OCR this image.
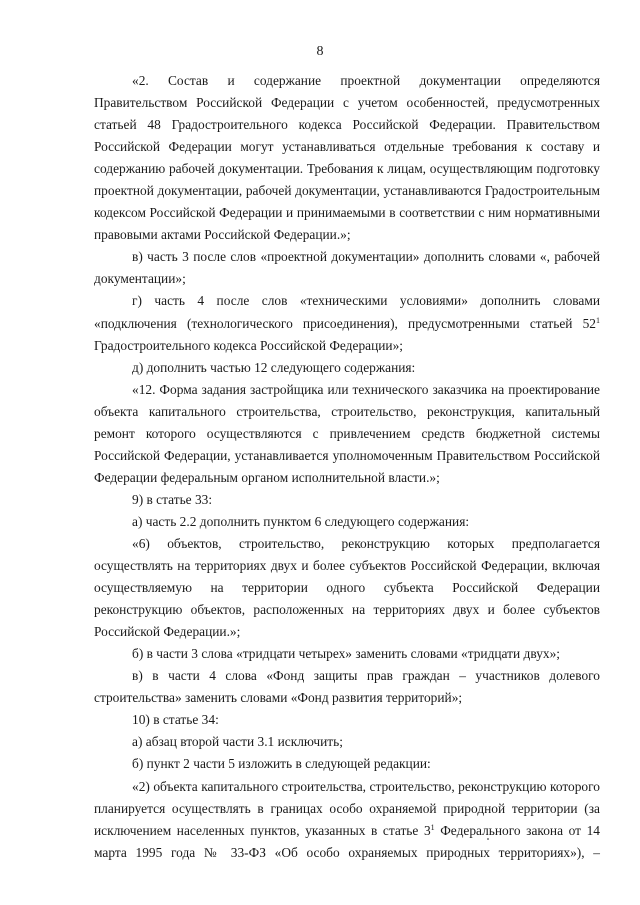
8

«2. Состав и содержание проектной документации определяются Правительством Российской Федерации с учетом особенностей, предусмотренных статьей 48 Градостроительного кодекса Российской Федерации. Правительством Российской Федерации могут устанавливаться отдельные требования к составу и содержанию рабочей документации. Требования к лицам, осуществляющим подготовку проектной документации, рабочей документации, устанавливаются Градостроительным кодексом Российской Федерации и принимаемыми в соответствии с ним нормативными правовыми актами Российской Федерации.»;

в) часть 3 после слов «проектной документации» дополнить словами «, рабочей документации»;

г) часть 4 после слов «техническими условиями» дополнить словами «подключения (технологического присоединения), предусмотренными статьей $52^1$ Градостроительного кодекса Российской Федерации»;

д) дополнить частью 12 следующего содержания:

«12. Форма задания застройщика или технического заказчика на проектирование объекта капитального строительства, строительство, реконструкция, капитальный ремонт которого осуществляются с привлечением средств бюджетной системы Российской Федерации, устанавливается уполномоченным Правительством Российской Федерации федеральным органом исполнительной власти.»;

9) в статье 33:

а) часть 2.2 дополнить пунктом 6 следующего содержания:

«6) объектов, строительство, реконструкцию которых предполагается осуществлять на территориях двух и более субъектов Российской Федерации, включая осуществляемую на территории одного субъекта Российской Федерации реконструкцию объектов, расположенных на территориях двух и более субъектов Российской Федерации.»;

б) в части 3 слова «тридцати четырех» заменить словами «тридцати двух»;

в) в части 4 слова «Фонд защиты прав граждан – участников долевого строительства» заменить словами «Фонд развития территорий»;

10) в статье 34:

а) абзац второй части 3.1 исключить;

б) пункт 2 части 5 изложить в следующей редакции:

«2) объекта капитального строительства, строительство, реконструкцию которого планируется осуществлять в границах особо охраняемой природной территории (за исключением населенных пунктов, указанных в статье $3^1$ Федерального закона от 14 марта 1995 года № 33-ФЗ «Об особо охраняемых природных территориях»), –
